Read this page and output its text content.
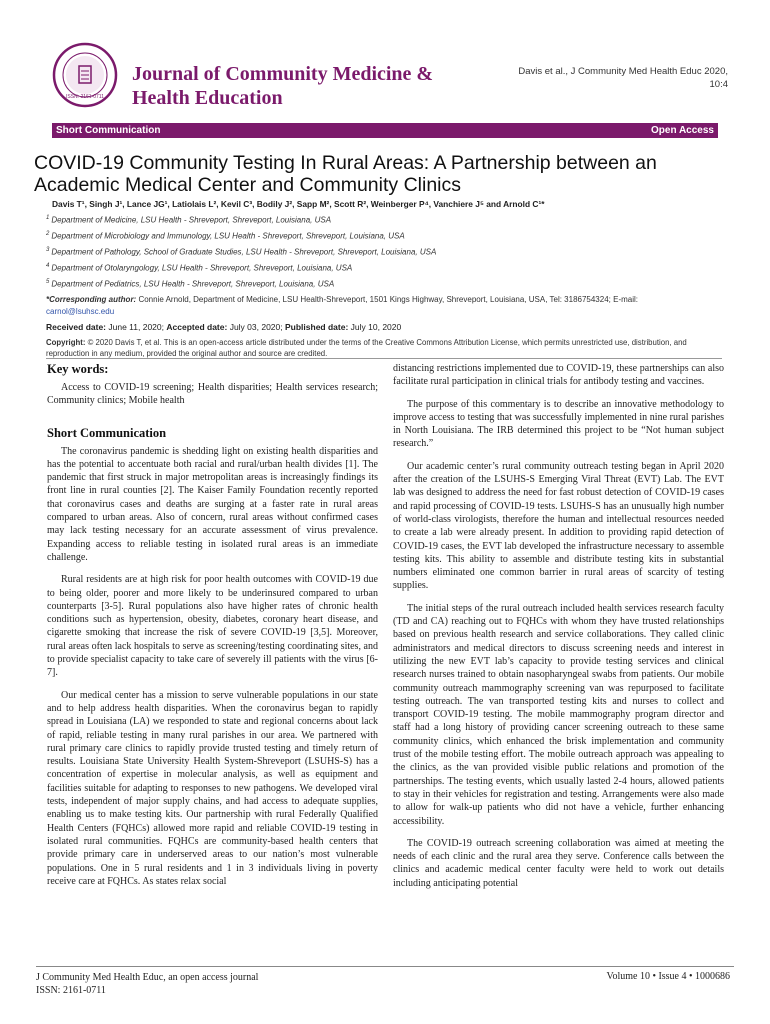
ISSN: 2161-0711
Journal of Community Medicine &
Health Education
Davis et al., J Community Med Health Educ 2020, 10:4
Short Communication	Open Access
COVID-19 Community Testing In Rural Areas: A Partnership between an Academic Medical Center and Community Clinics
Davis T¹, Singh J¹, Lance JG¹, Latiolais L², Kevil C³, Bodily J², Sapp M², Scott R², Weinberger P⁴, Vanchiere J⁵ and Arnold C¹*
$^1$ Department of Medicine, LSU Health - Shreveport, Shreveport, Louisiana, USA
$^2$ Department of Microbiology and Immunology, LSU Health - Shreveport, Shreveport, Louisiana, USA
$^3$ Department of Pathology, School of Graduate Studies, LSU Health - Shreveport, Shreveport, Louisiana, USA
$^4$ Department of Otolaryngology, LSU Health - Shreveport, Shreveport, Louisiana, USA
$^5$ Department of Pediatrics, LSU Health - Shreveport, Shreveport, Louisiana, USA
*Corresponding author: Connie Arnold, Department of Medicine, LSU Health-Shreveport, 1501 Kings Highway, Shreveport, Louisiana, USA, Tel: 3186754324; E-mail:
carnol@lsuhsc.edu
Received date: June 11, 2020; Accepted date: July 03, 2020; Published date: July 10, 2020
Copyright: © 2020 Davis T, et al. This is an open-access article distributed under the terms of the Creative Commons Attribution License, which permits unrestricted use, distribution, and reproduction in any medium, provided the original author and source are credited.
Key words:

Access to COVID-19 screening; Health disparities; Health services research; Community clinics; Mobile health

Short Communication

The coronavirus pandemic is shedding light on existing health disparities and has the potential to accentuate both racial and rural/urban health divides [1]. The pandemic that first struck in major metropolitan areas is increasingly findings its front line in rural counties [2]. The Kaiser Family Foundation recently reported that coronavirus cases and deaths are surging at a faster rate in rural areas compared to urban areas. Also of concern, rural areas without confirmed cases may lack testing necessary for an accurate assessment of virus prevalence. Expanding access to reliable testing in isolated rural areas is an immediate challenge.

Rural residents are at high risk for poor health outcomes with COVID-19 due to being older, poorer and more likely to be underinsured compared to urban counterparts [3-5]. Rural populations also have higher rates of chronic health conditions such as hypertension, obesity, diabetes, coronary heart disease, and cigarette smoking that increase the risk of severe COVID-19 [3,5]. Moreover, rural areas often lack hospitals to serve as screening/testing coordinating sites, and to provide specialist capacity to take care of severely ill patients with the virus [6-7].

Our medical center has a mission to serve vulnerable populations in our state and to help address health disparities. When the coronavirus began to rapidly spread in Louisiana (LA) we responded to state and regional concerns about lack of rapid, reliable testing in many rural parishes in our area. We partnered with rural primary care clinics to rapidly provide trusted testing and timely return of results. Louisiana State University Health System-Shreveport (LSUHS-S) has a concentration of expertise in molecular analysis, as well as equipment and facilities suitable for adapting to responses to new pathogens. We developed viral tests, independent of major supply chains, and had access to adequate supplies, enabling us to make testing kits. Our partnership with rural Federally Qualified Health Centers (FQHCs) allowed more rapid and reliable COVID-19 testing in isolated rural communities. FQHCs are community-based health centers that provide primary care in underserved areas to our nation’s most vulnerable populations. One in 5 rural residents and 1 in 3 individuals living in poverty receive care at FQHCs. As states relax social

distancing restrictions implemented due to COVID-19, these partnerships can also facilitate rural participation in clinical trials for antibody testing and vaccines.

The purpose of this commentary is to describe an innovative methodology to improve access to testing that was successfully implemented in nine rural parishes in North Louisiana. The IRB determined this project to be “Not human subject research.”

Our academic center’s rural community outreach testing began in April 2020 after the creation of the LSUHS-S Emerging Viral Threat (EVT) Lab. The EVT lab was designed to address the need for fast robust detection of COVID-19 cases and rapid processing of COVID-19 tests. LSUHS-S has an unusually high number of world-class virologists, therefore the human and intellectual resources needed to create a lab were already present. In addition to providing rapid detection of COVID-19 cases, the EVT lab developed the infrastructure necessary to assemble testing kits. This ability to assemble and distribute testing kits in substantial numbers eliminated one common barrier in rural areas of scarcity of testing supplies.

The initial steps of the rural outreach included health services research faculty (TD and CA) reaching out to FQHCs with whom they have trusted relationships based on previous health research and service collaborations. They called clinic administrators and medical directors to discuss screening needs and interest in utilizing the new EVT lab’s capacity to provide testing services and clinical research nurses trained to obtain nasopharyngeal swabs from patients. Our mobile community outreach mammography screening van was repurposed to facilitate testing outreach. The van transported testing kits and nurses to collect and transport COVID-19 testing. The mobile mammography program director and staff had a long history of providing cancer screening outreach to these same community clinics, which enhanced the brisk implementation and community trust of the mobile testing effort. The mobile outreach approach was appealing to the clinics, as the van provided visible public relations and promotion of the partnerships. The testing events, which usually lasted 2-4 hours, allowed patients to stay in their vehicles for registration and testing. Arrangements were also made to allow for walk-up patients who did not have a vehicle, further enhancing accessibility.

The COVID-19 outreach screening collaboration was aimed at meeting the needs of each clinic and the rural area they serve. Conference calls between the clinics and academic medical center faculty were held to work out details including anticipating potential

J Community Med Health Educ, an open access journal
ISSN: 2161-0711
Volume 10 • Issue 4 • 1000686
